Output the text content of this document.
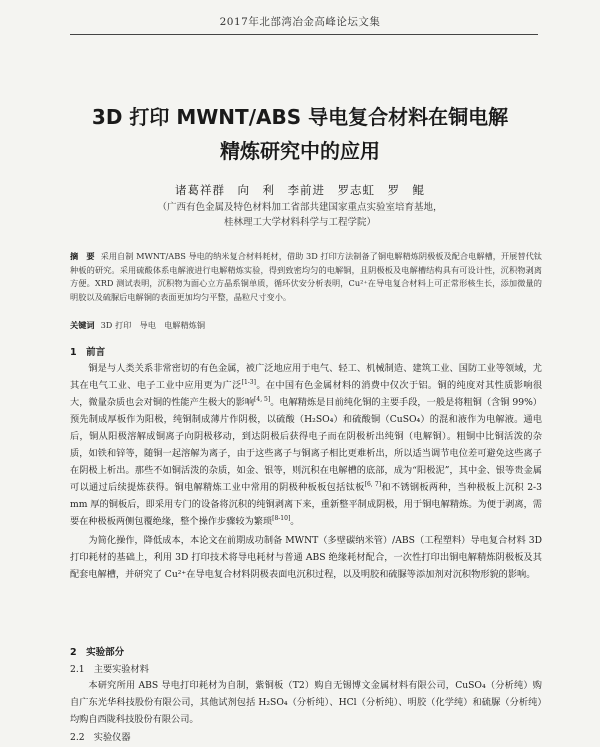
2017年北部湾冶金高峰论坛文集
3D 打印 MWNT/ABS 导电复合材料在铜电解
精炼研究中的应用
诸葛祥群　向　利　李前进　罗志虹　罗　鲲
（广西有色金属及特色材料加工省部共建国家重点实验室培育基地，
桂林理工大学材料科学与工程学院）
摘　要 采用自制 MWNT/ABS 导电的纳米复合材料耗材，借助 3D 打印方法制备了铜电解精炼阴极板及配合电解槽，开展替代钛种板的研究。采用硫酸体系电解液进行电解精炼实验，得到致密均匀的电解铜，且阴极板及电解槽结构具有可设计性，沉积物剥离方便。XRD 测试表明，沉积物为面心立方晶系铜单质，循环伏安分析表明，Cu²⁺在导电复合材料上可正常形核生长，添加微量的明胶以及硫脲后电解铜的表面更加均匀平整，晶粒尺寸变小。
关键词 3D 打印　导电　电解精炼铜
1　前言

铜是与人类关系非常密切的有色金属，被广泛地应用于电气、轻工、机械制造、建筑工业、国防工业等领域，尤其在电气工业、电子工业中应用更为广泛[1-3]。在中国有色金属材料的消费中仅次于铝。铜的纯度对其性质影响很大，微量杂质也会对铜的性能产生极大的影响[4, 5]。电解精炼是目前纯化铜的主要手段，一般是将粗铜（含铜 99%）预先制成厚板作为阳极，纯铜制成薄片作阴极，以硫酸（H₂SO₄）和硫酸铜（CuSO₄）的混和液作为电解液。通电后，铜从阳极溶解成铜离子向阴极移动，到达阴极后获得电子而在阴极析出纯铜（电解铜）。粗铜中比铜活泼的杂质，如铁和锌等，随铜一起溶解为离子，由于这些离子与铜离子相比更难析出，所以适当调节电位差可避免这些离子在阴极上析出。那些不如铜活泼的杂质，如金、银等，则沉积在电解槽的底部，成为“阳极泥”，其中金、银等贵金属可以通过后续提炼获得。铜电解精炼工业中常用的阴极种板板包括钛板[6, 7]和不锈钢板两种，当种极板上沉积 2-3 mm 厚的铜板后，即采用专门的设备将沉积的纯铜剥离下来，重新整平制成阴极，用于铜电解精炼。为便于剥离，需要在种极板两侧包覆绝缘，整个操作步骤较为繁琐[8-10]。

为简化操作，降低成本，本论文在前期成功制备 MWNT（多壁碳纳米管）/ABS（工程塑料）导电复合材料 3D 打印耗材的基础上，利用 3D 打印技术将导电耗材与普通 ABS 绝缘耗材配合，一次性打印出铜电解精炼阴极板及其配套电解槽，并研究了 Cu²⁺在导电复合材料阴极表面电沉积过程，以及明胶和硫脲等添加剂对沉积物形貌的影响。

2　实验部分
2.1　主要实验材料

本研究所用 ABS 导电打印耗材为自制，紫铜板（T2）购自无锡博文金属材料有限公司，CuSO₄（分析纯）购自广东光华科技股份有限公司，其他试剂包括 H₂SO₄（分析纯）、HCl（分析纯）、明胶（化学纯）和硫脲（分析纯）均购自西陇科技股份有限公司。

2.2　实验仪器
